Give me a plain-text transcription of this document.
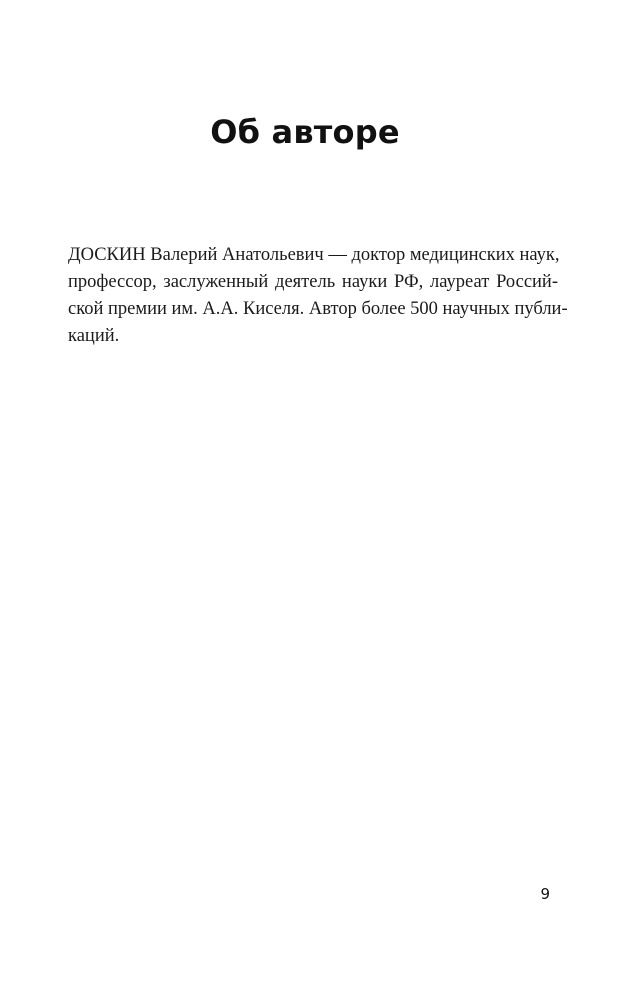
Об авторе
ДОСКИН Валерий Анатольевич — доктор медицинских наук,
профессор, заслуженный деятель науки РФ, лауреат Россий-
ской премии им. А.А. Киселя. Автор более 500 научных публи-
каций.
9
